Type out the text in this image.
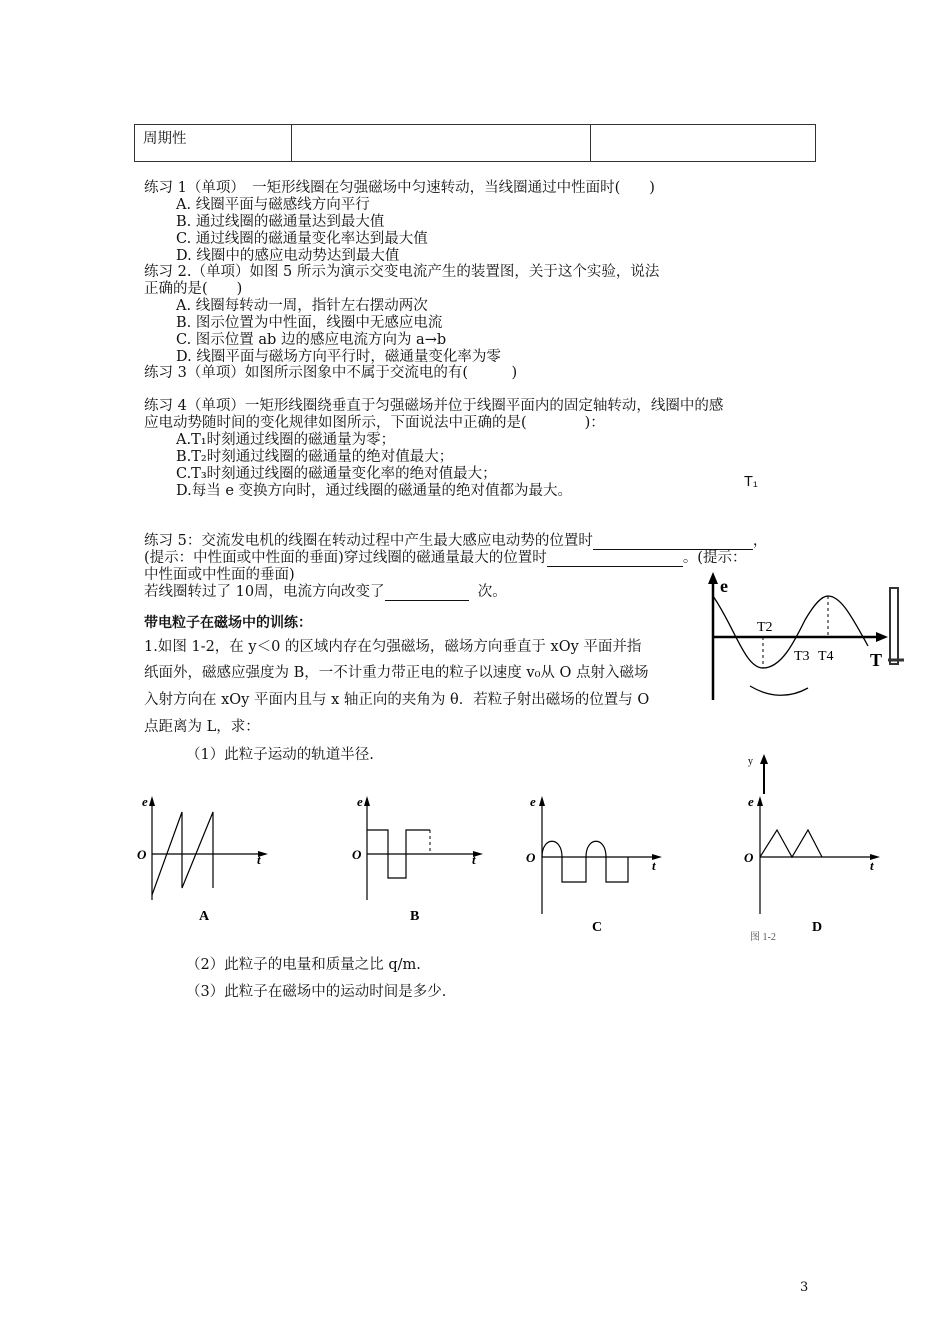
周期性		
练习 1（单项）　一矩形线圈在匀强磁场中匀速转动，当线圈通过中性面时(　　)
A. 线圈平面与磁感线方向平行
B. 通过线圈的磁通量达到最大值
C. 通过线圈的磁通量变化率达到最大值
D. 线圈中的感应电动势达到最大值
练习 2.（单项）如图 5 所示为演示交变电流产生的装置图，关于这个实验，说法
正确的是(　　)
A. 线圈每转动一周，指针左右摆动两次
B. 图示位置为中性面，线圈中无感应电流
C. 图示位置 ab 边的感应电流方向为 a→b
D. 线圈平面与磁场方向平行时，磁通量变化率为零
练习 3（单项）如图所示图象中不属于交流电的有(　　　)
练习 4（单项）一矩形线圈绕垂直于匀强磁场并位于线圈平面内的固定轴转动，线圈中的感
应电动势随时间的变化规律如图所示，下面说法中正确的是(　　　　)：
A.T₁时刻通过线圈的磁通量为零；
B.T₂时刻通过线圈的磁通量的绝对值最大；
C.T₃时刻通过线圈的磁通量变化率的绝对值最大；
D.每当 e 变换方向时，通过线圈的磁通量的绝对值都为最大。
T₁
练习 5：交流发电机的线圈在转动过程中产生最大感应电动势的位置时	，
(提示：中性面或中性面的垂面)穿过线圈的磁通量最大的位置时	。(提示：
中性面或中性面的垂面)
若线圈转过了 10周，电流方向改变了	次。
带电粒子在磁场中的训练：
1.如图 1-2，在 y＜0 的区域内存在匀强磁场，磁场方向垂直于 xOy 平面并指
纸面外，磁感应强度为 B，一不计重力带正电的粒子以速度 v₀从 O 点射入磁场
入射方向在 xOy 平面内且与 x 轴正向的夹角为 θ．若粒子射出磁场的位置与 O
点距离为 L，求：
（1）此粒子运动的轨道半径.
（2）此粒子的电量和质量之比 q/m.
（3）此粒子在磁场中的运动时间是多少.
e
T2
T3 T4 T
y
e
O	t
A
e
O	t
B
e
O
t
C
e
O
t
图 1-2
D
3
